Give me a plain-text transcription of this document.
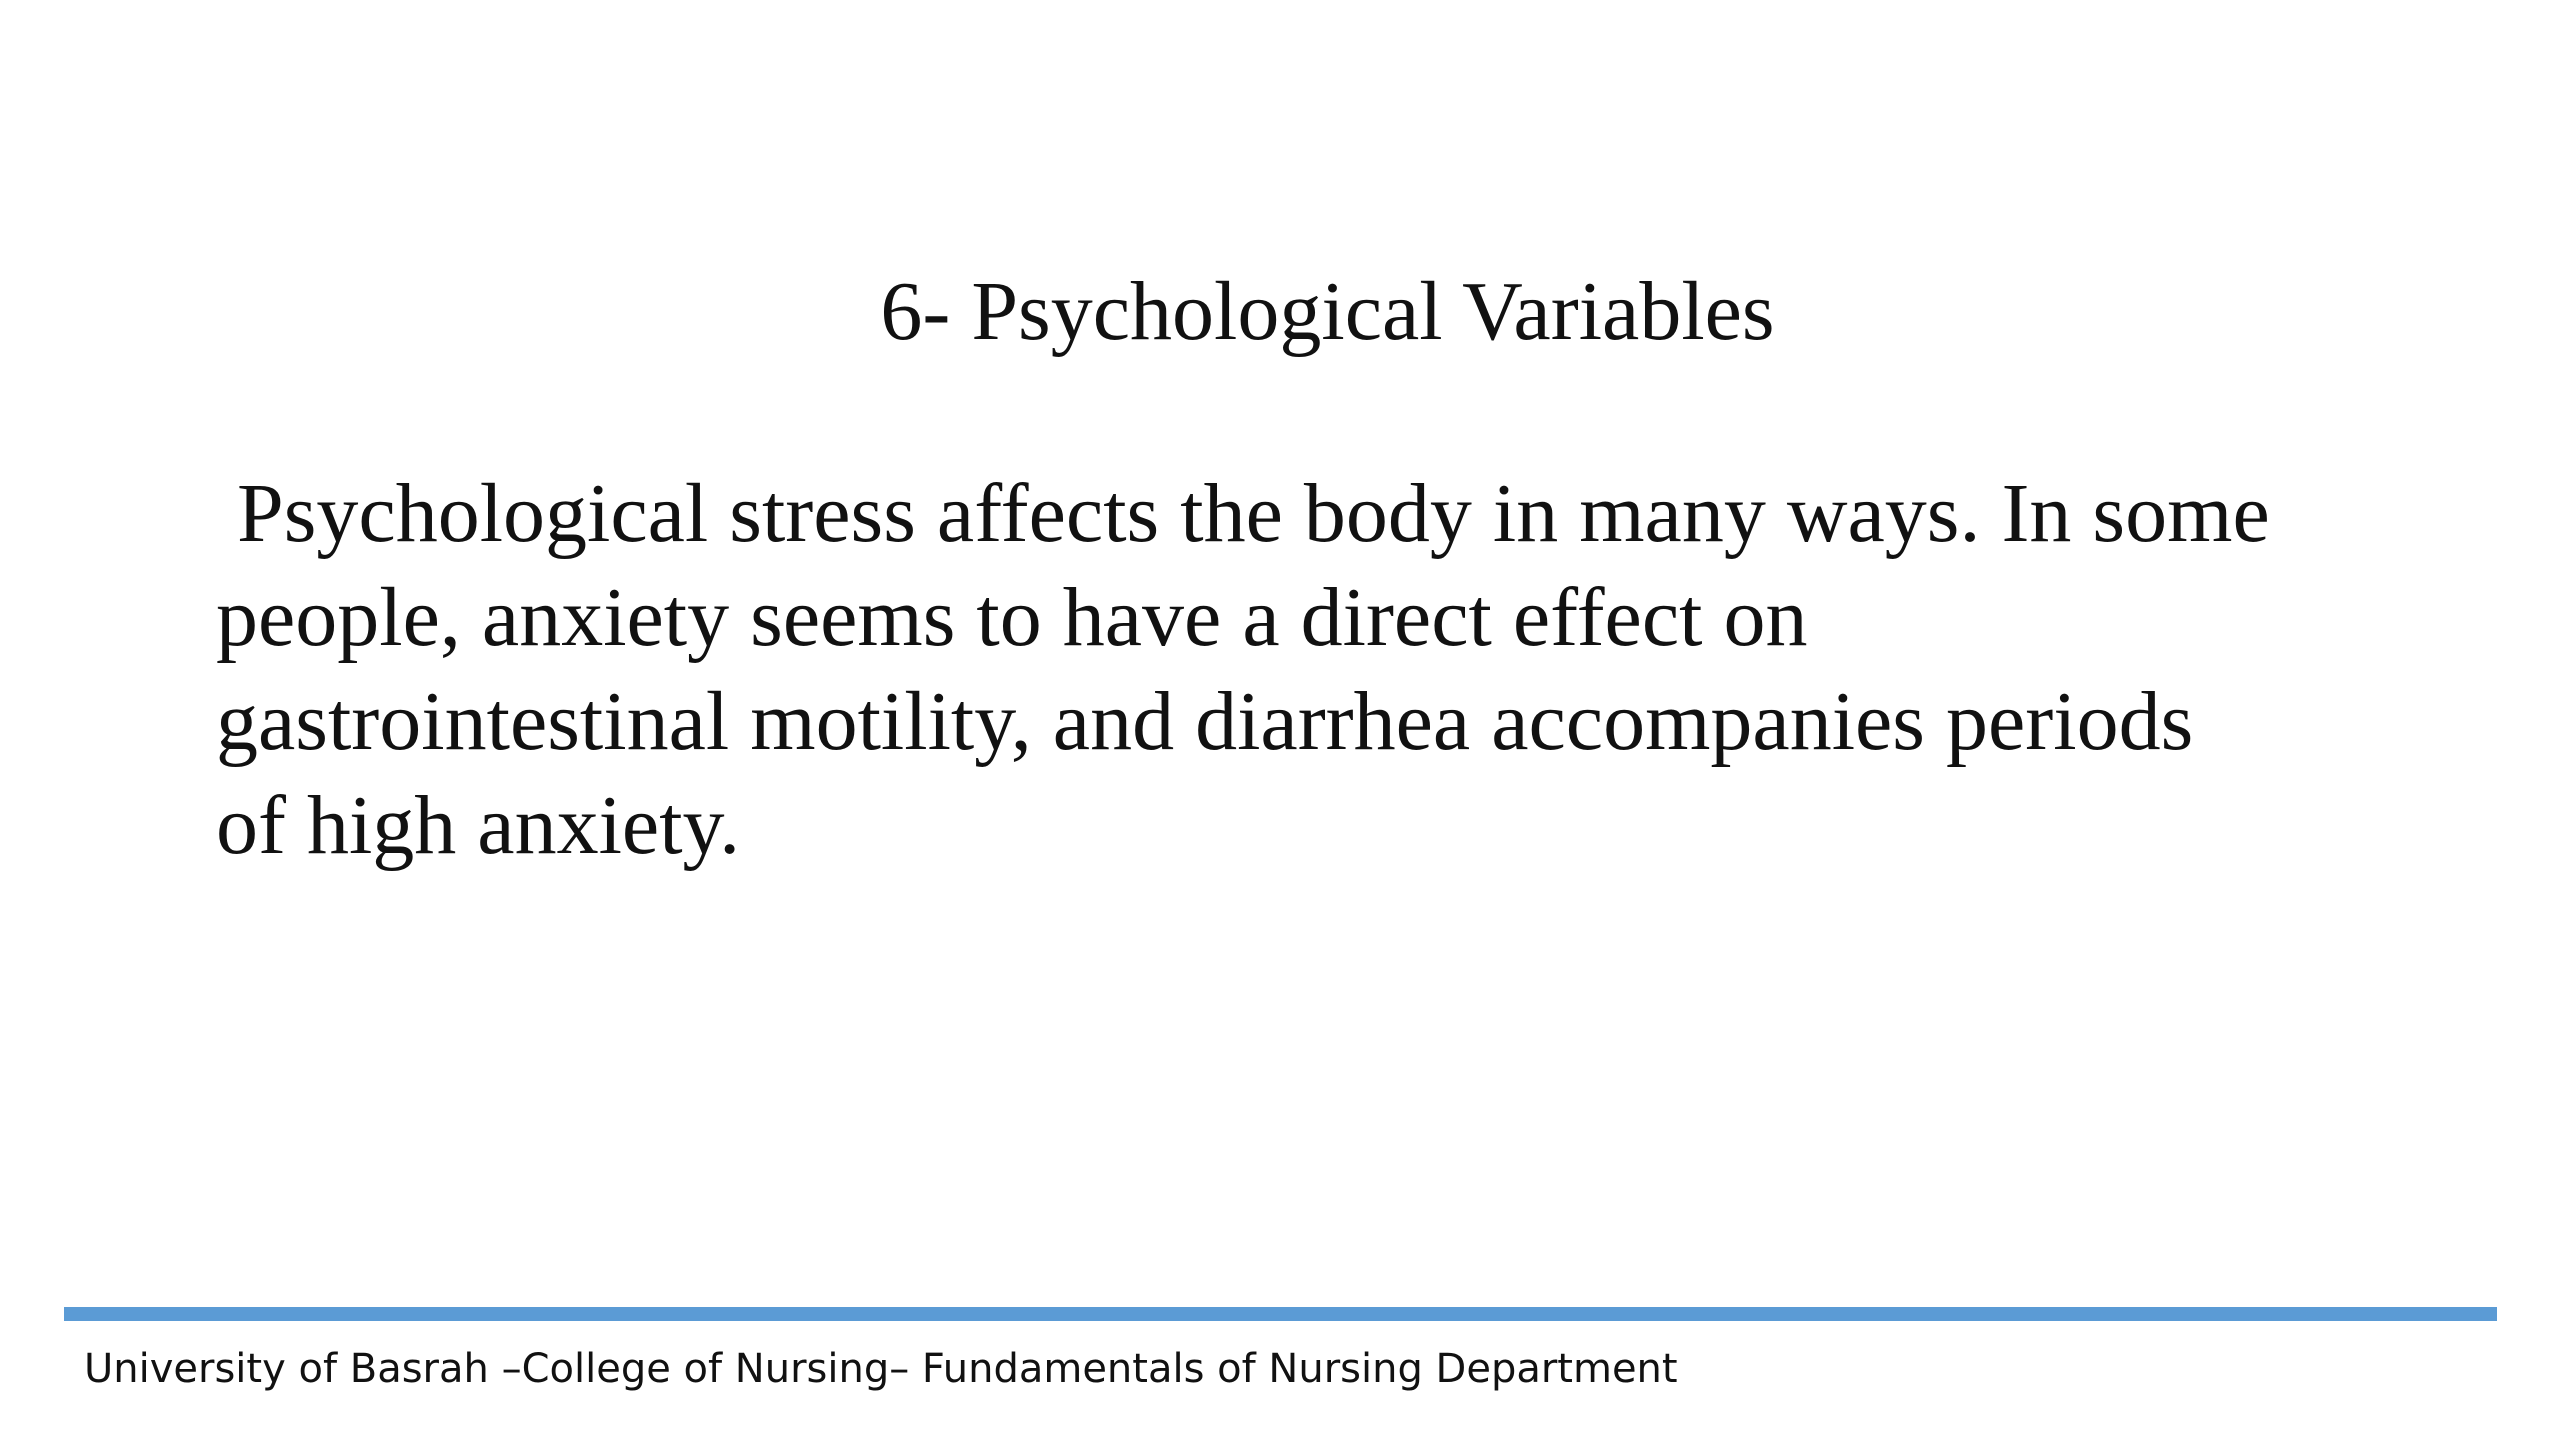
6- Psychological Variables

Psychological stress affects the body in many ways. In some
people, anxiety seems to have a direct effect on
gastrointestinal motility, and diarrhea accompanies periods
of high anxiety.

University of Basrah –College of Nursing– Fundamentals of Nursing Department
